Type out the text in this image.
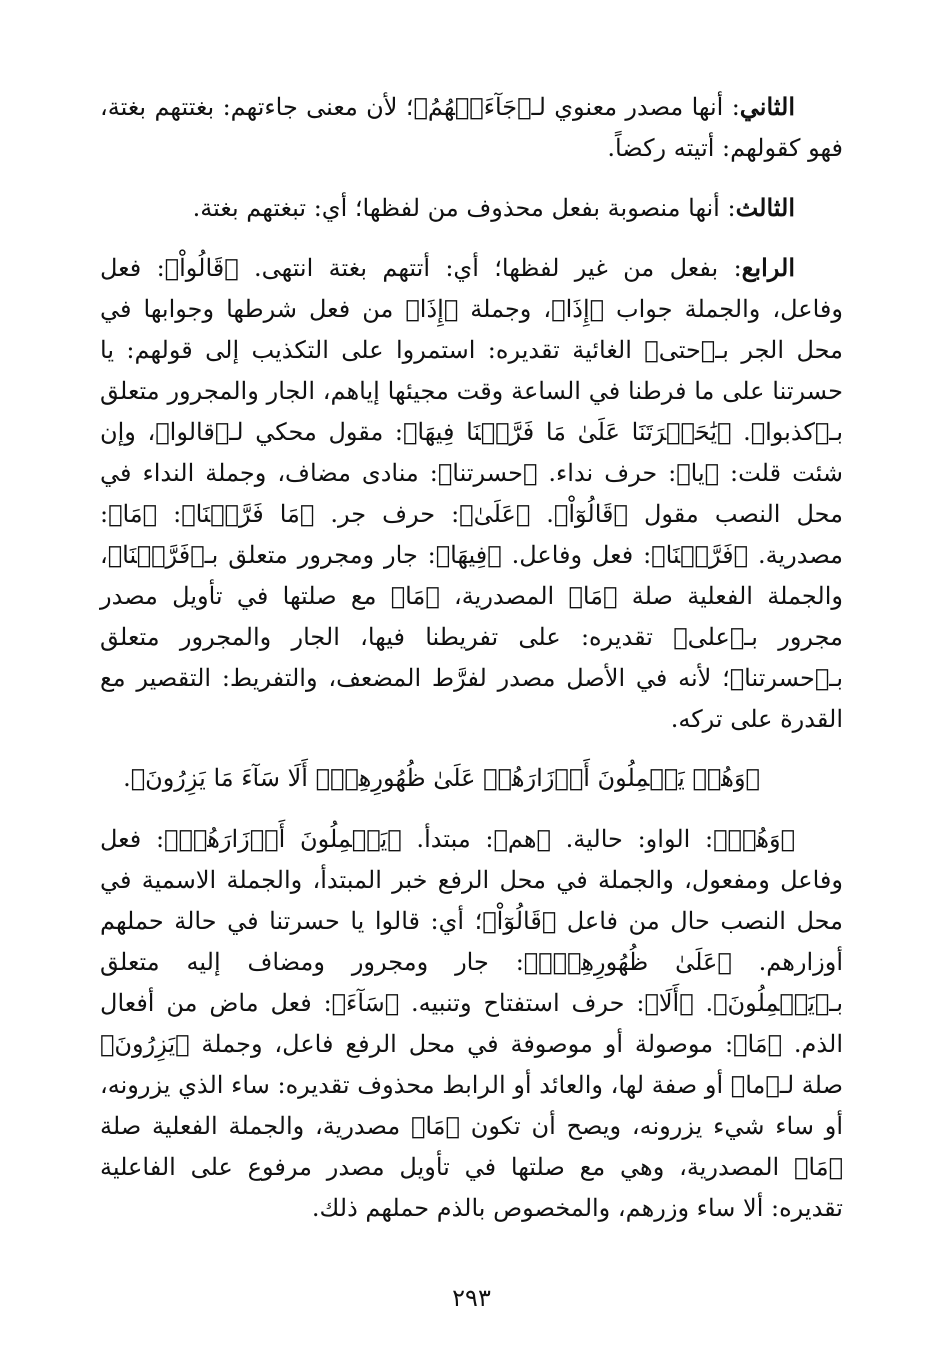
الثاني: أنها مصدر معنوي لـ﴿جَآءَتۡهُمُ﴾؛ لأن معنى جاءتهم: بغتتهم بغتة، فهو كقولهم: أتيته ركضاً.

الثالث: أنها منصوبة بفعل محذوف من لفظها؛ أي: تبغتهم بغتة.

الرابع: بفعل من غير لفظها؛ أي: أتتهم بغتة انتهى. ﴿قَالُواْ﴾: فعل وفاعل، والجملة جواب ﴿إِذَا﴾، وجملة ﴿إِذَا﴾ من فعل شرطها وجوابها في محل الجر بـ﴿حتى﴾ الغائية تقديره: استمروا على التكذيب إلى قولهم: يا حسرتنا على ما فرطنا في الساعة وقت مجيئها إياهم، الجار والمجرور متعلق بـ﴿كذبوا﴾. ﴿يَٰحَسۡرَتَنَا عَلَىٰ مَا فَرَّطۡنَا فِيهَا﴾: مقول محكي لـ﴿قالوا﴾، وإن شئت قلت: ﴿يا﴾: حرف نداء. ﴿حسرتنا﴾: منادى مضاف، وجملة النداء في محل النصب مقول ﴿قَالُوٓاْ﴾. ﴿عَلَىٰ﴾: حرف جر. ﴿مَا فَرَّطۡنَا﴾: ﴿مَا﴾: مصدرية. ﴿فَرَّطۡنَا﴾: فعل وفاعل. ﴿فِيهَا﴾: جار ومجرور متعلق بـ﴿فَرَّطۡنَا﴾، والجملة الفعلية صلة ﴿مَا﴾ المصدرية، ﴿مَا﴾ مع صلتها في تأويل مصدر مجرور بـ﴿على﴾ تقديره: على تفريطنا فيها، الجار والمجرور متعلق بـ﴿حسرتنا﴾؛ لأنه في الأصل مصدر لفرَّط المضعف، والتفريط: التقصير مع القدرة على تركه.

﴿وَهُمۡ يَحۡمِلُونَ أَوۡزَارَهُمۡ عَلَىٰ ظُهُورِهِمۡۚ أَلَا سَآءَ مَا يَزِرُونَ﴾.

﴿وَهُمۡ﴾: الواو: حالية. ﴿هم﴾: مبتدأ. ﴿يَحۡمِلُونَ أَوۡزَارَهُمۡ﴾: فعل وفاعل ومفعول، والجملة في محل الرفع خبر المبتدأ، والجملة الاسمية في محل النصب حال من فاعل ﴿قَالُوٓاْ﴾؛ أي: قالوا يا حسرتنا في حالة حملهم أوزارهم. ﴿عَلَىٰ ظُهُورِهِمۡۚ﴾: جار ومجرور ومضاف إليه متعلق بـ﴿يَحۡمِلُونَ﴾. ﴿أَلَا﴾: حرف استفتاح وتنبيه. ﴿سَآءَ﴾: فعل ماض من أفعال الذم. ﴿مَا﴾: موصولة أو موصوفة في محل الرفع فاعل، وجملة ﴿يَزِرُونَ﴾ صلة لـ﴿ما﴾ أو صفة لها، والعائد أو الرابط محذوف تقديره: ساء الذي يزرونه، أو ساء شيء يزرونه، ويصح أن تكون ﴿مَا﴾ مصدرية، والجملة الفعلية صلة ﴿مَا﴾ المصدرية، وهي مع صلتها في تأويل مصدر مرفوع على الفاعلية تقديره: ألا ساء وزرهم، والمخصوص بالذم حملهم ذلك.

٢٩٣
